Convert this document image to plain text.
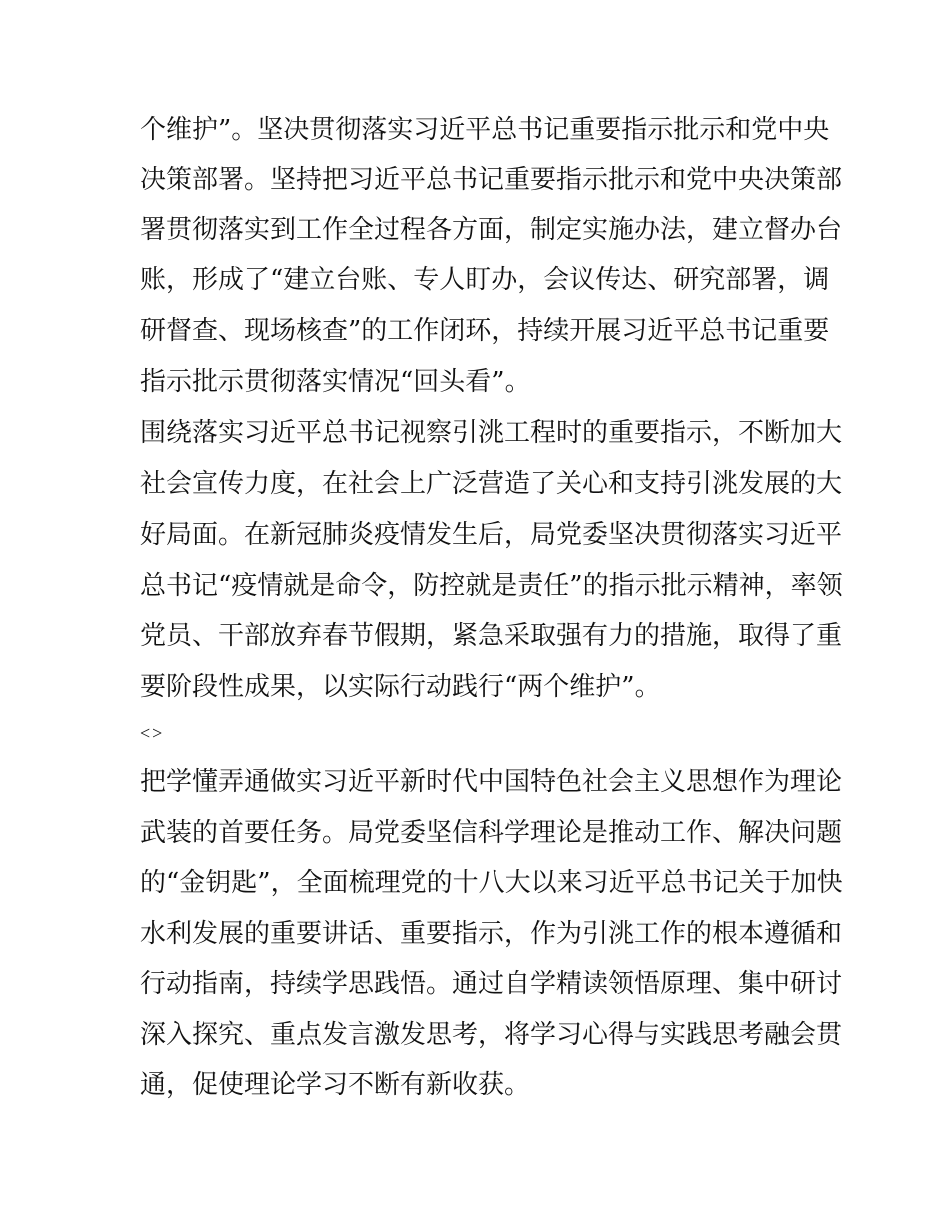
个维护”。坚决贯彻落实习近平总书记重要指示批示和党中央
决策部署。坚持把习近平总书记重要指示批示和党中央决策部
署贯彻落实到工作全过程各方面，制定实施办法，建立督办台
账，形成了“建立台账、专人盯办，会议传达、研究部署，调
研督查、现场核查”的工作闭环，持续开展习近平总书记重要
指示批示贯彻落实情况“回头看”。
围绕落实习近平总书记视察引洮工程时的重要指示，不断加大
社会宣传力度，在社会上广泛营造了关心和支持引洮发展的大
好局面。在新冠肺炎疫情发生后，局党委坚决贯彻落实习近平
总书记“疫情就是命令，防控就是责任”的指示批示精神，率领
党员、干部放弃春节假期，紧急采取强有力的措施，取得了重
要阶段性成果，以实际行动践行“两个维护”。
<>
把学懂弄通做实习近平新时代中国特色社会主义思想作为理论
武装的首要任务。局党委坚信科学理论是推动工作、解决问题
的“金钥匙”，全面梳理党的十八大以来习近平总书记关于加快
水利发展的重要讲话、重要指示，作为引洮工作的根本遵循和
行动指南，持续学思践悟。通过自学精读领悟原理、集中研讨
深入探究、重点发言激发思考，将学习心得与实践思考融会贯
通，促使理论学习不断有新收获。
